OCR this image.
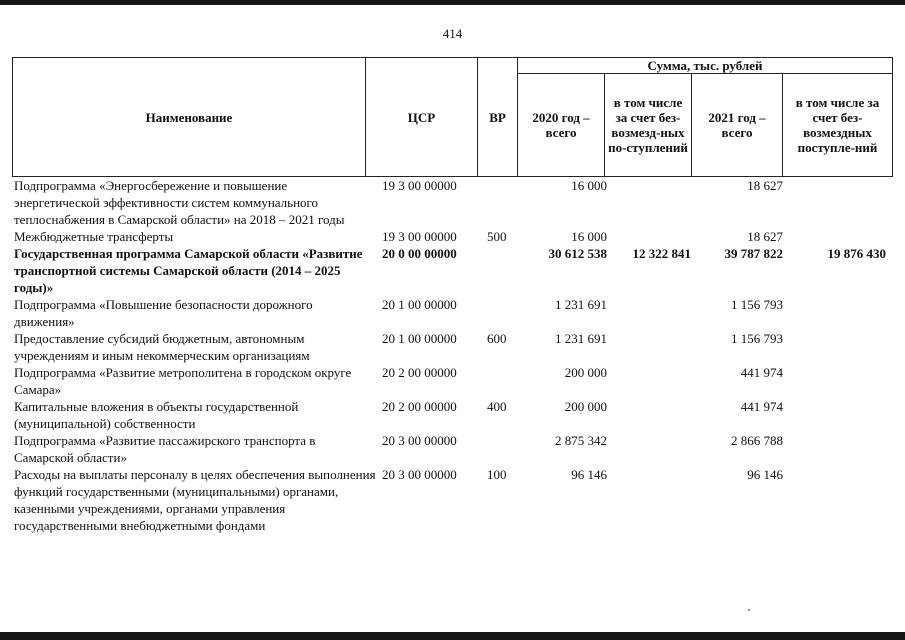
414
Наименование	ЦСР	ВР	Сумма, тыс. рублей			
			2020 год – всего	в том числе за счет без-возмезд-ных по-ступлений	2021 год – всего	в том числе за счет без-возмездных поступле-ний
Подпрограмма «Энергосбережение и повышение энергетической эффективности систем коммунального теплоснабжения в Самарской области» на 2018 – 2021 годы	19 3 00 00000		16 000		18 627	
Межбюджетные трансферты	19 3 00 00000	500	16 000		18 627	
Государственная программа Самарской области «Развитие транспортной системы Самарской области (2014 – 2025 годы)»	20 0 00 00000		30 612 538	12 322 841	39 787 822	19 876 430
Подпрограмма «Повышение безопасности дорожного движения»	20 1 00 00000		1 231 691		1 156 793	
Предоставление субсидий бюджетным, автономным учреждениям и иным некоммерческим организациям	20 1 00 00000	600	1 231 691		1 156 793	
Подпрограмма «Развитие метрополитена в городском округе Самара»	20 2 00 00000		200 000		441 974	
Капитальные вложения в объекты государственной (муниципальной) собственности	20 2 00 00000	400	200 000		441 974	
Подпрограмма «Развитие пассажирского транспорта в Самарской области»	20 3 00 00000		2 875 342		2 866 788	
Расходы на выплаты персоналу в целях обеспечения выполнения функций государственными (муниципальными) органами, казенными учреждениями, органами управления государственными внебюджетными фондами	20 3 00 00000	100	96 146		96 146	
